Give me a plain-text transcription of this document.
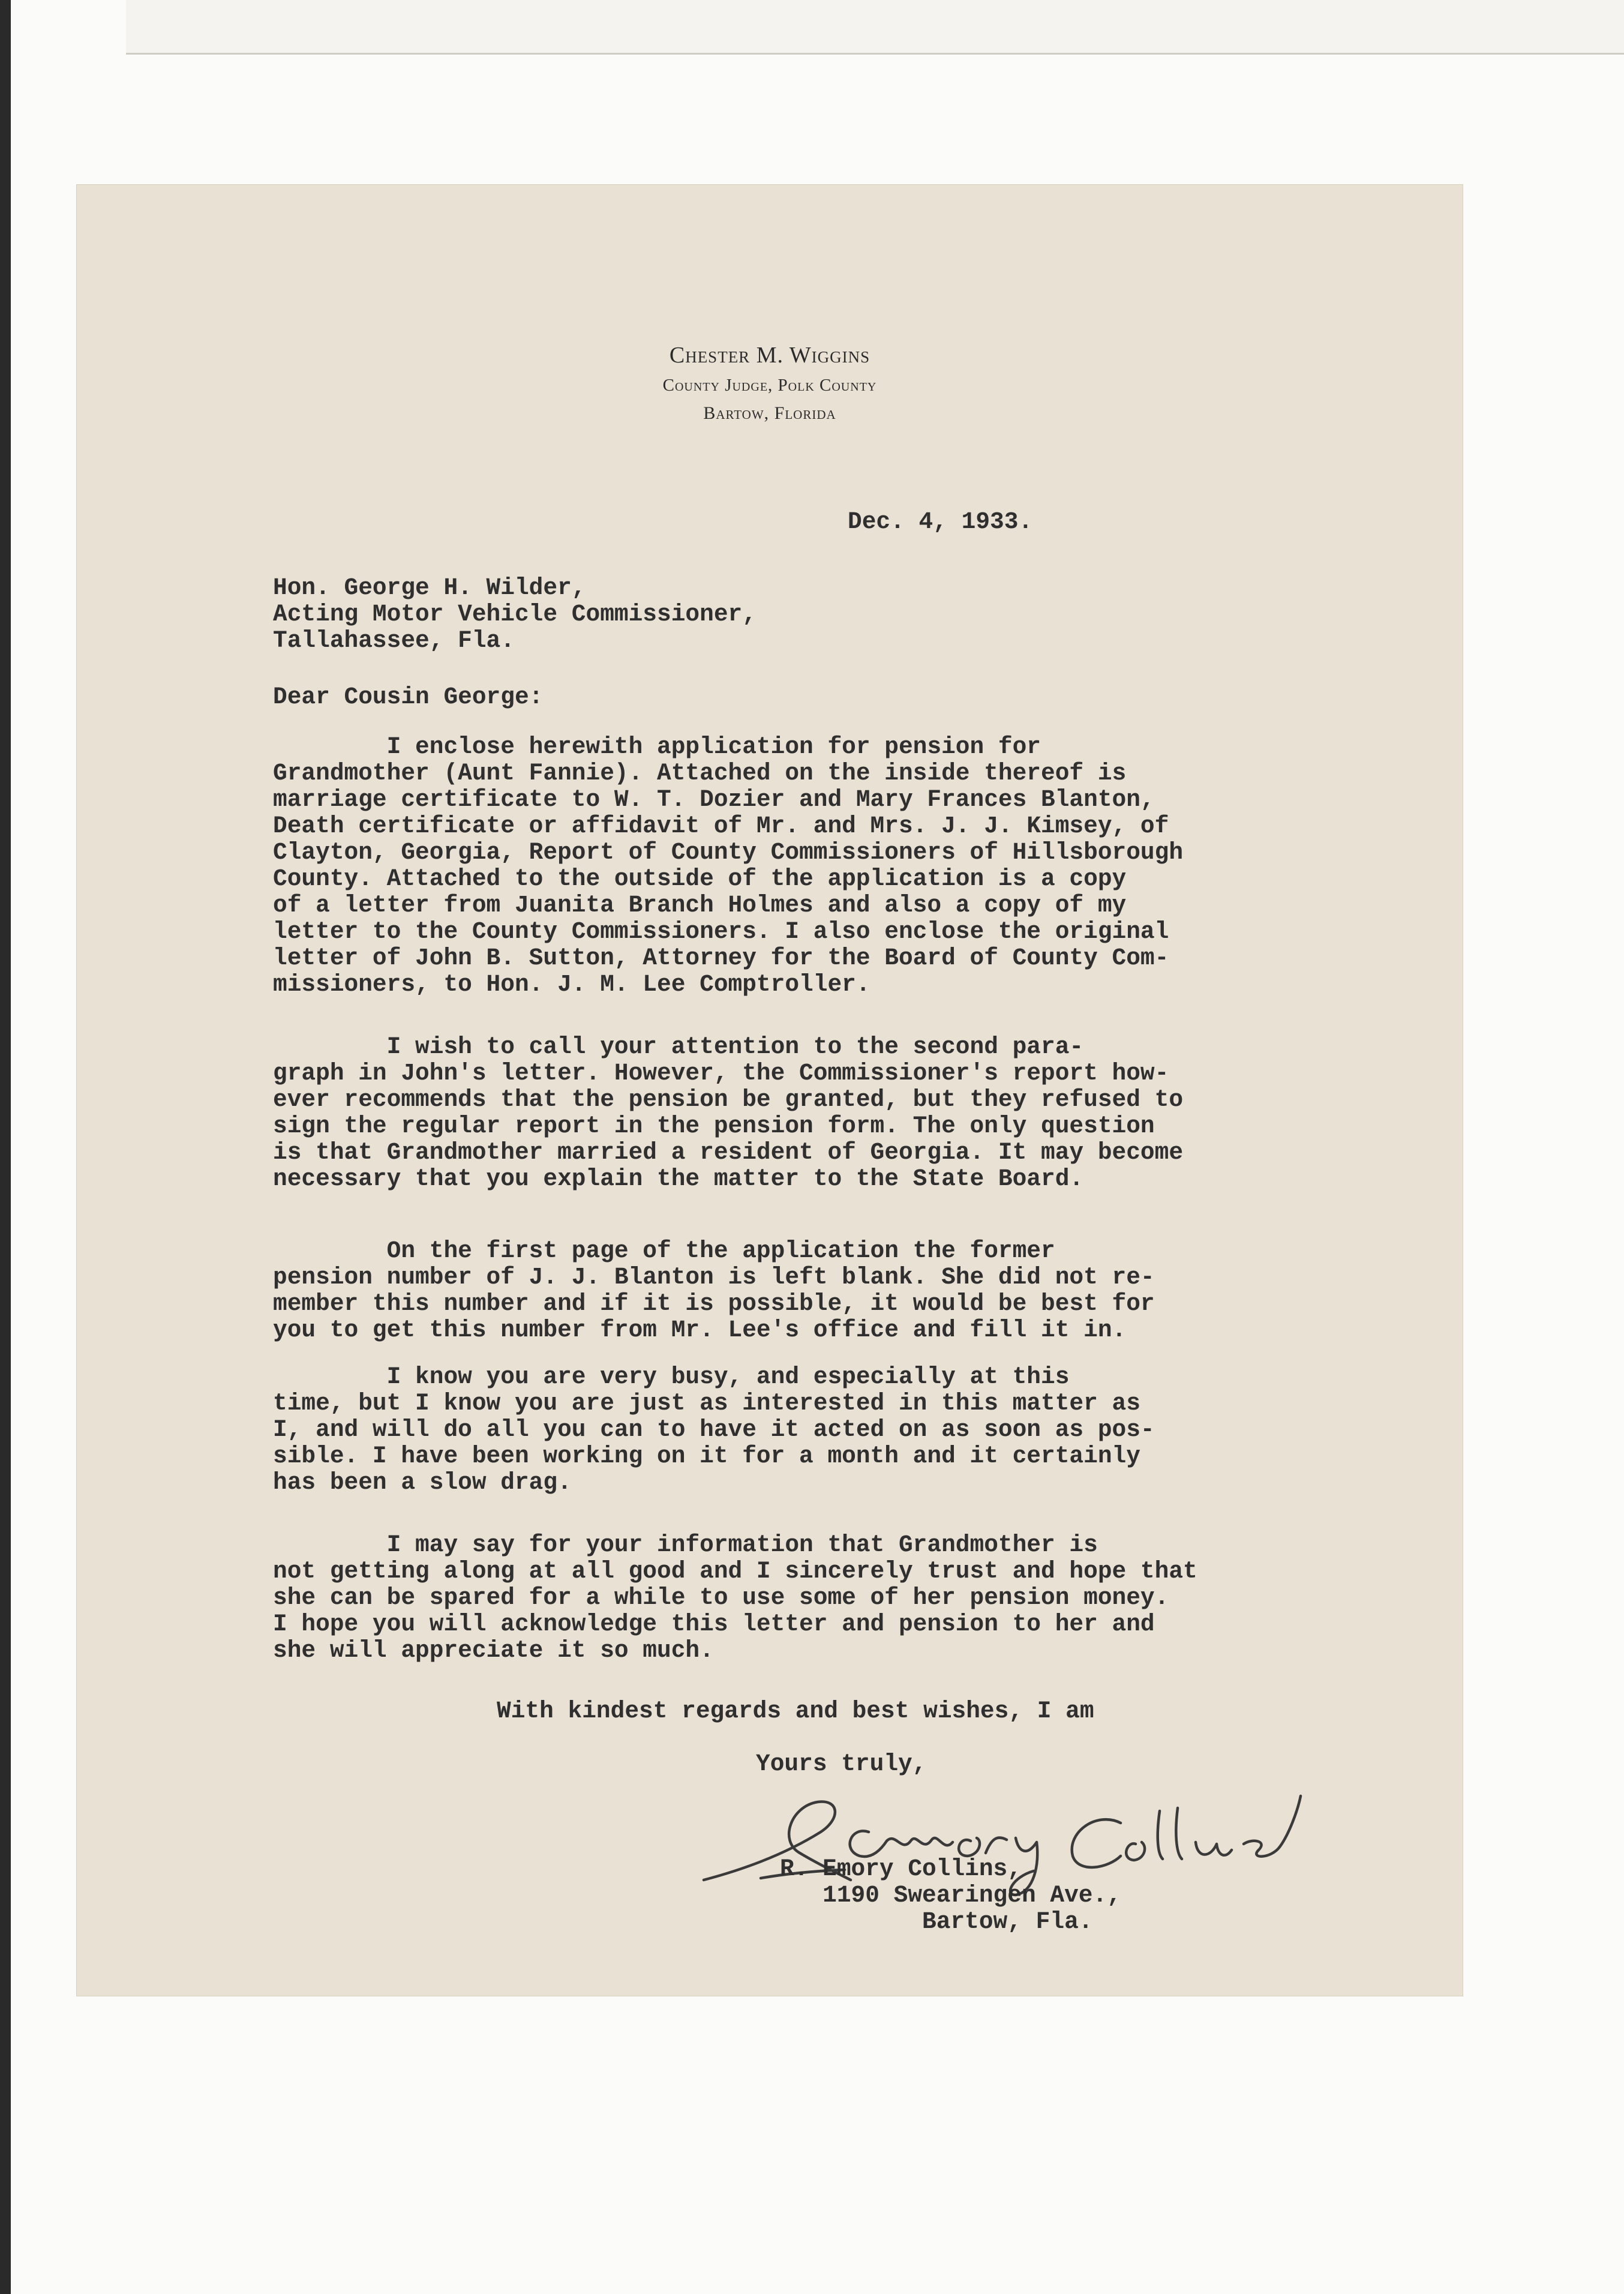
Chester M. Wiggins
County Judge, Polk County
Bartow, Florida
Dec. 4, 1933.
Hon. George H. Wilder,
Acting Motor Vehicle Commissioner,
Tallahassee, Fla.
Dear Cousin George:
I enclose herewith application for pension for
Grandmother (Aunt Fannie). Attached on the inside thereof is
marriage certificate to W. T. Dozier and Mary Frances Blanton,
Death certificate or affidavit of Mr. and Mrs. J. J. Kimsey, of
Clayton, Georgia, Report of County Commissioners of Hillsborough
County. Attached to the outside of the application is a copy
of a letter from Juanita Branch Holmes and also a copy of my
letter to the County Commissioners. I also enclose the original
letter of John B. Sutton, Attorney for the Board of County Com-
missioners, to Hon. J. M. Lee Comptroller.
I wish to call your attention to the second para-
graph in John's letter. However, the Commissioner's report how-
ever recommends that the pension be granted, but they refused to
sign the regular report in the pension form. The only question
is that Grandmother married a resident of Georgia. It may become
necessary that you explain the matter to the State Board.
On the first page of the application the former
pension number of J. J. Blanton is left blank. She did not re-
member this number and if it is possible, it would be best for
you to get this number from Mr. Lee's office and fill it in.
I know you are very busy, and especially at this
time, but I know you are just as interested in this matter as
I, and will do all you can to have it acted on as soon as pos-
sible. I have been working on it for a month and it certainly
has been a slow drag.
I may say for your information that Grandmother is
not getting along at all good and I sincerely trust and hope that
she can be spared for a while to use some of her pension money.
I hope you will acknowledge this letter and pension to her and
she will appreciate it so much.
With kindest regards and best wishes, I am
Yours truly,
R. Emory Collins,
1190 Swearingen Ave.,
Bartow, Fla.
